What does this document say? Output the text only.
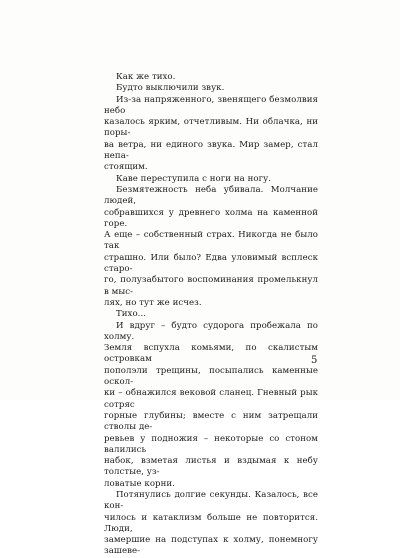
Как же тихо.

Будто выключили звук.

Из-за напряженного, звенящего безмолвия небо
казалось ярким, отчетливым. Ни облачка, ни поры-
ва ветра, ни единого звука. Мир замер, стал непа-
стоящим.

Каве переступила с ноги на ногу.

Безмятежность неба убивала. Молчание людей,
собравшихся у древнего холма на каменной горе.
А еще – собственный страх. Никогда не было так
страшно. Или было? Едва уловимый всплеск старо-
го, полузабытого воспоминания промелькнул в мыс-
лях, но тут же исчез.

Тихо...

И вдруг – будто судорога пробежала по холму.
Земля вспухла комьями, по скалистым островкам
пополэли трещины, посыпались каменные оскол-
ки – обнажился вековой сланец. Гневный рык сотряс
горные глубины; вместе с ним затрещали стволы де-
ревьев у подножия – некоторые со стоном валились
набок, взметая листья и вздымая к небу толстые, уз-
ловатые корни.

Потянулись долгие секунды. Казалось, все кон-
чилось и катаклизм больше не повторится. Люди,
замершие на подступах к холму, понемногу зашеве-

5
